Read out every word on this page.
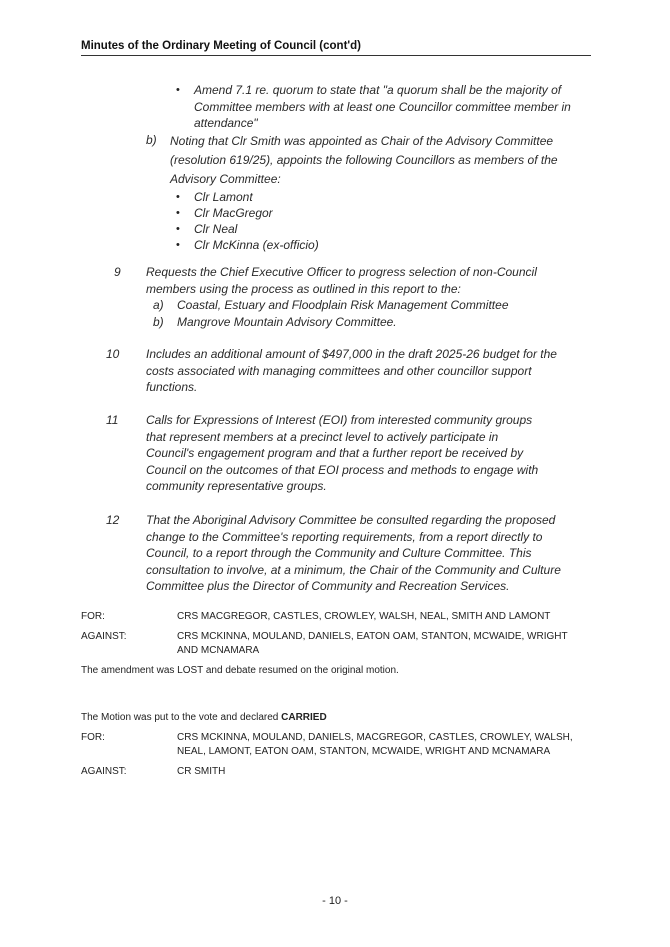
Minutes of the Ordinary Meeting of Council (cont'd)
• Amend 7.1 re. quorum to state that "a quorum shall be the majority of Committee members with at least one Councillor committee member in attendance"
b) Noting that Clr Smith was appointed as Chair of the Advisory Committee (resolution 619/25), appoints the following Councillors as members of the Advisory Committee:
• Clr Lamont
• Clr MacGregor
• Clr Neal
• Clr McKinna (ex-officio)
9 Requests the Chief Executive Officer to progress selection of non-Council members using the process as outlined in this report to the:
a) Coastal, Estuary and Floodplain Risk Management Committee
b) Mangrove Mountain Advisory Committee.
10 Includes an additional amount of $497,000 in the draft 2025-26 budget for the costs associated with managing committees and other councillor support functions.
11 Calls for Expressions of Interest (EOI) from interested community groups that represent members at a precinct level to actively participate in Council's engagement program and that a further report be received by Council on the outcomes of that EOI process and methods to engage with community representative groups.
12 That the Aboriginal Advisory Committee be consulted regarding the proposed change to the Committee's reporting requirements, from a report directly to Council, to a report through the Community and Culture Committee. This consultation to involve, at a minimum, the Chair of the Community and Culture Committee plus the Director of Community and Recreation Services.
FOR:	CRS MACGREGOR, CASTLES, CROWLEY, WALSH, NEAL, SMITH AND LAMONT
AGAINST:	CRS MCKINNA, MOULAND, DANIELS, EATON OAM, STANTON, MCWAIDE, WRIGHT AND MCNAMARA
The amendment was LOST and debate resumed on the original motion.
The Motion was put to the vote and declared CARRIED
FOR:	CRS MCKINNA, MOULAND, DANIELS, MACGREGOR, CASTLES, CROWLEY, WALSH, NEAL, LAMONT, EATON OAM, STANTON, MCWAIDE, WRIGHT AND MCNAMARA
AGAINST:	CR SMITH
- 10 -
